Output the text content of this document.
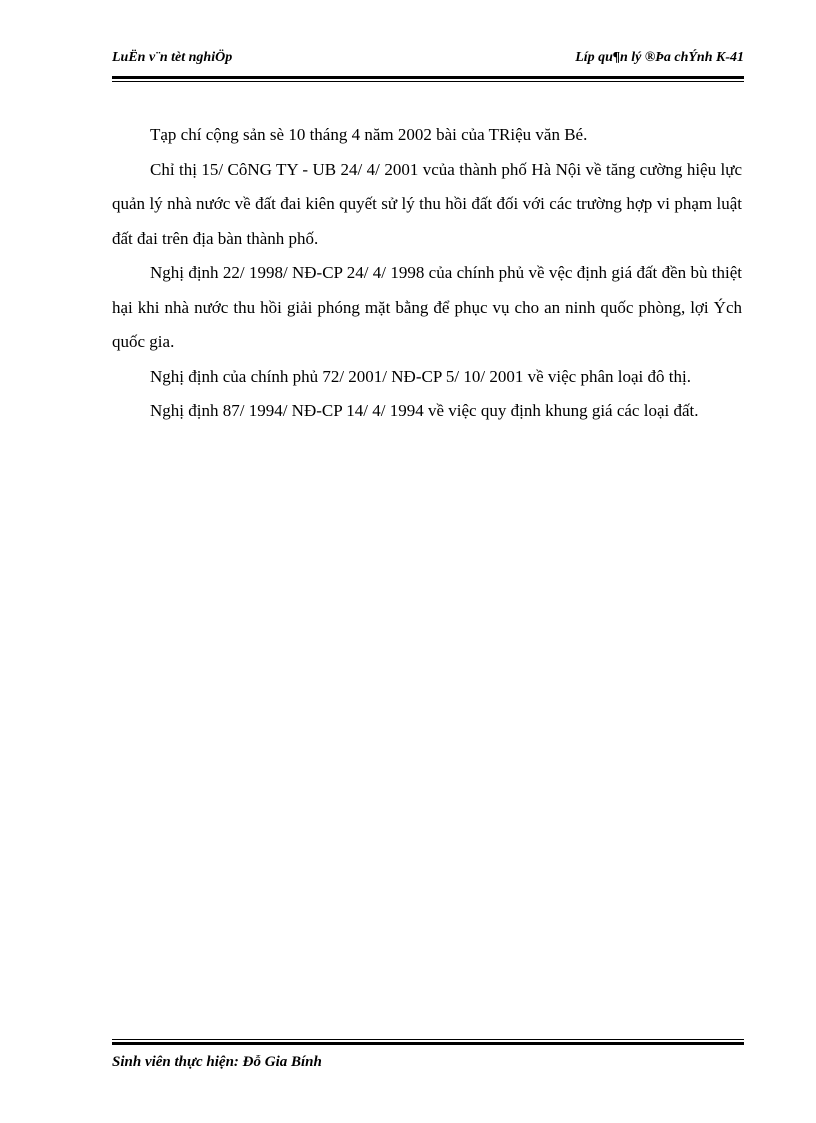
LuËn v¨n tèt nghiÖp	Líp qu¶n lý ®Þa chÝnh K-41

Tạp chí cộng sản sè 10 tháng 4 năm 2002 bài của TRiệu văn Bé.

Chỉ thị 15/ CôNG TY - UB 24/ 4/ 2001 vcủa thành phố Hà Nội về tăng cường hiệu lực quản lý nhà nước về đất đai kiên quyết sử lý thu hồi đất đối với các trường hợp vi phạm luật đất đai trên địa bàn thành phố.

Nghị định 22/ 1998/ NĐ-CP 24/ 4/ 1998 của chính phủ về vệc định giá đất đền bù thiệt hại khi nhà nước thu hồi giải phóng mặt bằng để phục vụ cho an ninh quốc phòng, lợi Ých quốc gia.

Nghị định của chính phủ 72/ 2001/ NĐ-CP 5/ 10/ 2001 về việc phân loại đô thị.

Nghị định 87/ 1994/ NĐ-CP 14/ 4/ 1994 về việc quy định khung giá các loại đất.

Sinh viên thực hiện: Đỗ Gia Bính
